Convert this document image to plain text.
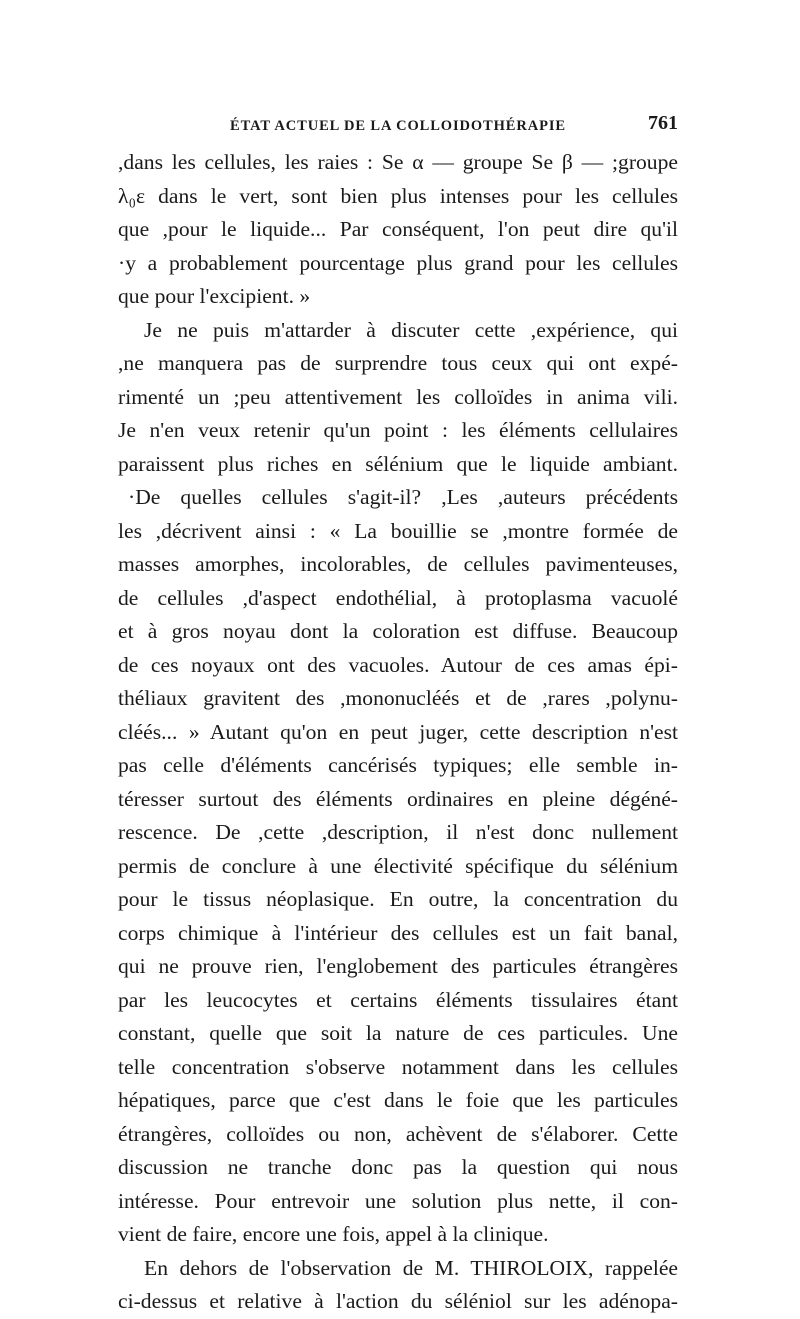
ÉTAT ACTUEL DE LA COLLOIDOTHÉRAPIE	761
,dans les cellules, les raies : Se α — groupe Se β — ;groupe
λ₀ε dans le vert, sont bien plus intenses pour les cellules
que ,pour le liquide... Par conséquent, l'on peut dire qu'il
·y a probablement pourcentage plus grand pour les cellules
que pour l'excipient. »
Je ne puis m'attarder à discuter cette ,expérience, qui
,ne manquera pas de surprendre tous ceux qui ont expé-
rimenté un ;peu attentivement les colloïdes in anima vili.
Je n'en veux retenir qu'un point : les éléments cellulaires
paraissent plus riches en sélénium que le liquide ambiant.
·De quelles cellules s'agit-il? ,Les ,auteurs précédents
les ,décrivent ainsi : « La bouillie se ,montre formée de
masses amorphes, incolorables, de cellules pavimenteuses,
de cellules ,d'aspect endothélial, à protoplasma vacuolé
et à gros noyau dont la coloration est diffuse. Beaucoup
de ces noyaux ont des vacuoles. Autour de ces amas épi-
théliaux gravitent des ,mononucléés et de ,rares ,polynu-
cléés... » Autant qu'on en peut juger, cette description n'est
pas celle d'éléments cancérisés typiques; elle semble in-
téresser surtout des éléments ordinaires en pleine dégéné-
rescence. De ,cette ,description, il n'est donc nullement
permis de conclure à une électivité spécifique du sélénium
pour le tissus néoplasique. En outre, la concentration du
corps chimique à l'intérieur des cellules est un fait banal,
qui ne prouve rien, l'englobement des particules étrangères
par les leucocytes et certains éléments tissulaires étant
constant, quelle que soit la nature de ces particules. Une
telle concentration s'observe notamment dans les cellules
hépatiques, parce que c'est dans le foie que les particules
étrangères, colloïdes ou non, achèvent de s'élaborer. Cette
discussion ne tranche donc pas la question qui nous
intéresse. Pour entrevoir une solution plus nette, il con-
vient de faire, encore une fois, appel à la clinique.
En dehors de l'observation de M. THIROLOIX, rappelée
ci-dessus et relative à l'action du séléniol sur les adénopa-
